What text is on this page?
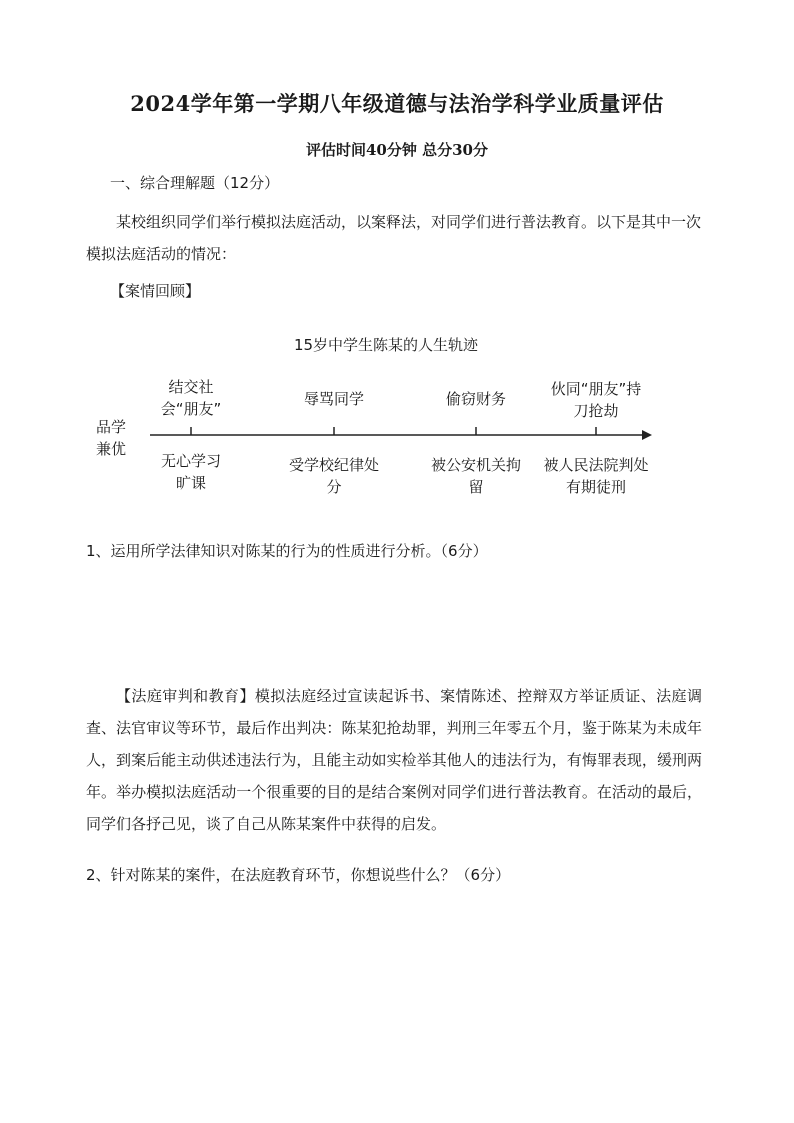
2024学年第一学期八年级道德与法治学科学业质量评估

评估时间40分钟 总分30分

一、综合理解题（12分）

某校组织同学们举行模拟法庭活动，以案释法，对同学们进行普法教育。以下是其中一次模拟法庭活动的情况：

【案情回顾】

15岁中学生陈某的人生轨迹

品学兼优
结交社会“朋友”
无心学习旷课
辱骂同学
受学校纪律处分
偷窃财务
被公安机关拘留
伙同“朋友”持刀抢劫
被人民法院判处有期徒刑

1、运用所学法律知识对陈某的行为的性质进行分析。（6分）

【法庭审判和教育】模拟法庭经过宣读起诉书、案情陈述、控辩双方举证质证、法庭调查、法官审议等环节，最后作出判决：陈某犯抢劫罪，判刑三年零五个月，鉴于陈某为未成年人，到案后能主动供述违法行为，且能主动如实检举其他人的违法行为，有悔罪表现，缓刑两年。举办模拟法庭活动一个很重要的目的是结合案例对同学们进行普法教育。在活动的最后，同学们各抒己见，谈了自己从陈某案件中获得的启发。

2、针对陈某的案件，在法庭教育环节，你想说些什么？（6分）
